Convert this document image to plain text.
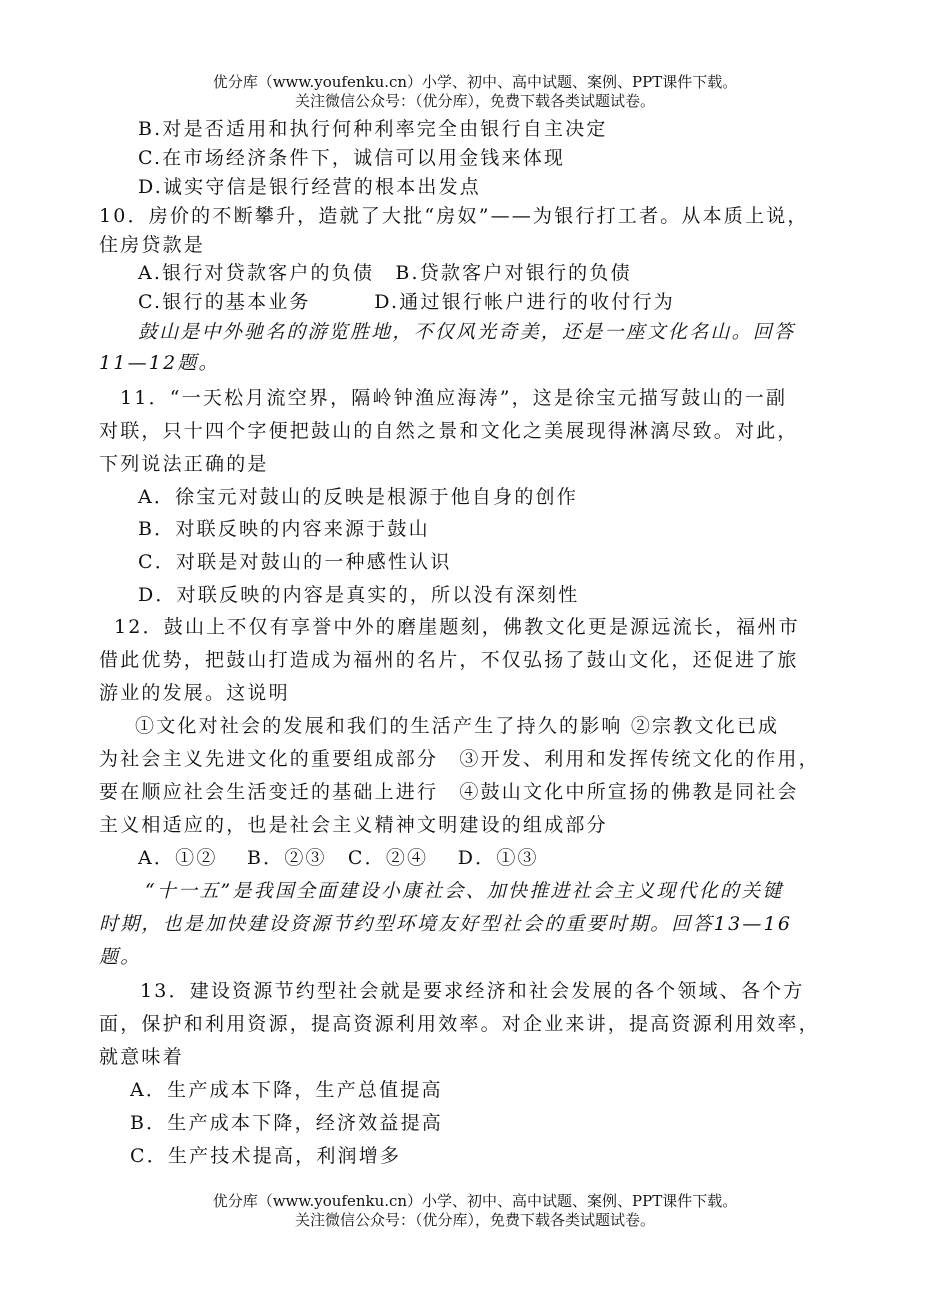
优分库（www.youfenku.cn）小学、初中、高中试题、案例、PPT课件下载。
关注微信公众号：（优分库），免费下载各类试题试卷。
B.对是否适用和执行何种利率完全由银行自主决定
C.在市场经济条件下，诚信可以用金钱来体现
D.诚实守信是银行经营的根本出发点
10．房价的不断攀升，造就了大批“房奴”——为银行打工者。从本质上说，
住房贷款是
A.银行对贷款客户的负债　B.贷款客户对银行的负债
C.银行的基本业务　　　D.通过银行帐户进行的收付行为
鼓山是中外驰名的游览胜地，不仅风光奇美，还是一座文化名山。回答
11—12题。
11．“一天松月流空界，隔岭钟渔应海涛”，这是徐宝元描写鼓山的一副
对联，只十四个字便把鼓山的自然之景和文化之美展现得淋漓尽致。对此，
下列说法正确的是
A．徐宝元对鼓山的反映是根源于他自身的创作
B．对联反映的内容来源于鼓山
C．对联是对鼓山的一种感性认识
D．对联反映的内容是真实的，所以没有深刻性
12．鼓山上不仅有享誉中外的磨崖题刻，佛教文化更是源远流长，福州市
借此优势，把鼓山打造成为福州的名片，不仅弘扬了鼓山文化，还促进了旅
游业的发展。这说明
①文化对社会的发展和我们的生活产生了持久的影响 ②宗教文化已成
为社会主义先进文化的重要组成部分　③开发、利用和发挥传统文化的作用，
要在顺应社会生活变迁的基础上进行　④鼓山文化中所宣扬的佛教是同社会
主义相适应的，也是社会主义精神文明建设的组成部分
A．①②　 B．②③　C．②④　 D．①③
“十一五”是我国全面建设小康社会、加快推进社会主义现代化的关键
时期，也是加快建设资源节约型环境友好型社会的重要时期。回答13—16
题。
13．建设资源节约型社会就是要求经济和社会发展的各个领域、各个方
面，保护和利用资源，提高资源利用效率。对企业来讲，提高资源利用效率，
就意味着
A．生产成本下降，生产总值提高
B．生产成本下降，经济效益提高
C．生产技术提高，利润增多
优分库（www.youfenku.cn）小学、初中、高中试题、案例、PPT课件下载。
关注微信公众号：（优分库），免费下载各类试题试卷。
